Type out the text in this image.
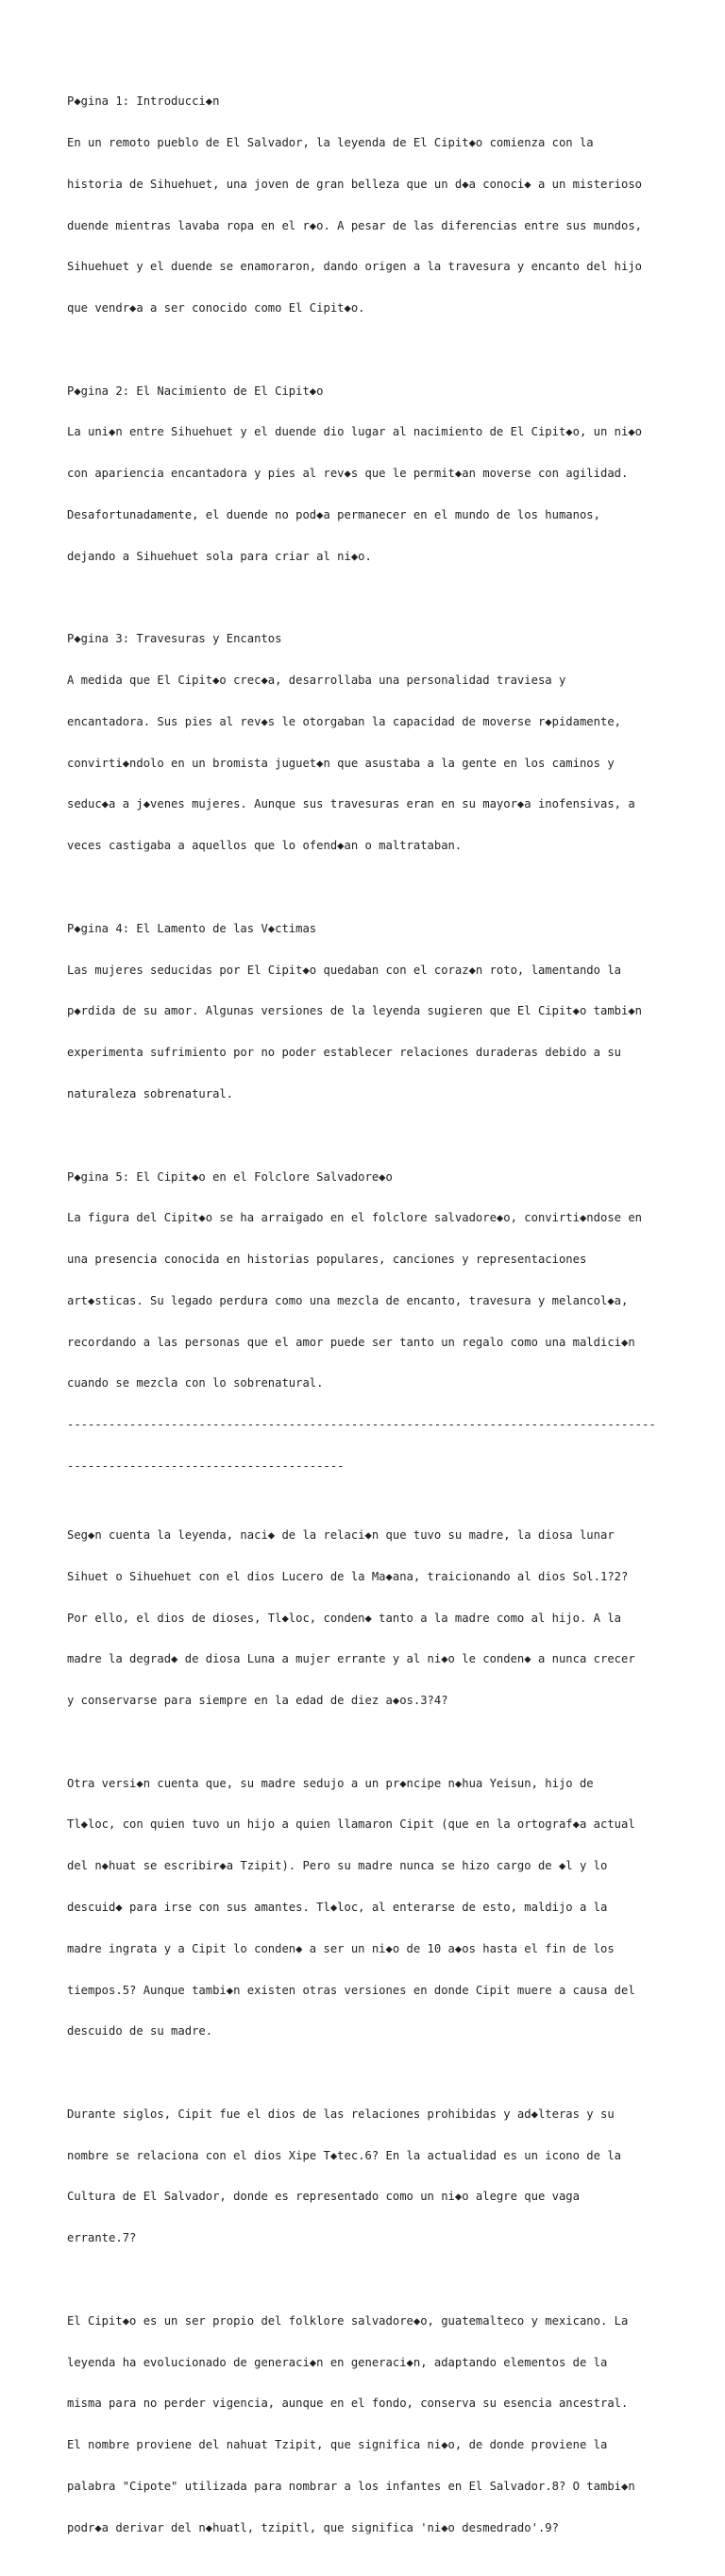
P◆gina 1: Introducci◆n

En un remoto pueblo de El Salvador, la leyenda de El Cipit◆o comienza con la

historia de Sihuehuet, una joven de gran belleza que un d◆a conoci◆ a un misterioso

duende mientras lavaba ropa en el r◆o. A pesar de las diferencias entre sus mundos,

Sihuehuet y el duende se enamoraron, dando origen a la travesura y encanto del hijo

que vendr◆a a ser conocido como El Cipit◆o.

P◆gina 2: El Nacimiento de El Cipit◆o

La uni◆n entre Sihuehuet y el duende dio lugar al nacimiento de El Cipit◆o, un ni◆o

con apariencia encantadora y pies al rev◆s que le permit◆an moverse con agilidad.

Desafortunadamente, el duende no pod◆a permanecer en el mundo de los humanos,

dejando a Sihuehuet sola para criar al ni◆o.

P◆gina 3: Travesuras y Encantos

A medida que El Cipit◆o crec◆a, desarrollaba una personalidad traviesa y

encantadora. Sus pies al rev◆s le otorgaban la capacidad de moverse r◆pidamente,

convirti◆ndolo en un bromista juguet◆n que asustaba a la gente en los caminos y

seduc◆a a j◆venes mujeres. Aunque sus travesuras eran en su mayor◆a inofensivas, a

veces castigaba a aquellos que lo ofend◆an o maltrataban.

P◆gina 4: El Lamento de las V◆ctimas

Las mujeres seducidas por El Cipit◆o quedaban con el coraz◆n roto, lamentando la

p◆rdida de su amor. Algunas versiones de la leyenda sugieren que El Cipit◆o tambi◆n

experimenta sufrimiento por no poder establecer relaciones duraderas debido a su

naturaleza sobrenatural.

P◆gina 5: El Cipit◆o en el Folclore Salvadore◆o

La figura del Cipit◆o se ha arraigado en el folclore salvadore◆o, convirti◆ndose en

una presencia conocida en historias populares, canciones y representaciones

art◆sticas. Su legado perdura como una mezcla de encanto, travesura y melancol◆a,

recordando a las personas que el amor puede ser tanto un regalo como una maldici◆n

cuando se mezcla con lo sobrenatural.

-------------------------------------------------------------------------------------

----------------------------------------

Seg◆n cuenta la leyenda, naci◆ de la relaci◆n que tuvo su madre, la diosa lunar

Sihuet o Sihuehuet con el dios Lucero de la Ma◆ana, traicionando al dios Sol.1?2?

Por ello, el dios de dioses, Tl◆loc, conden◆ tanto a la madre como al hijo. A la

madre la degrad◆ de diosa Luna a mujer errante y al ni◆o le conden◆ a nunca crecer

y conservarse para siempre en la edad de diez a◆os.3?4?

Otra versi◆n cuenta que, su madre sedujo a un pr◆ncipe n◆hua Yeisun, hijo de

Tl◆loc, con quien tuvo un hijo a quien llamaron Cipit (que en la ortograf◆a actual

del n◆huat se escribir◆a Tzipit). Pero su madre nunca se hizo cargo de ◆l y lo

descuid◆ para irse con sus amantes. Tl◆loc, al enterarse de esto, maldijo a la

madre ingrata y a Cipit lo conden◆ a ser un ni◆o de 10 a◆os hasta el fin de los

tiempos.5? Aunque tambi◆n existen otras versiones en donde Cipit muere a causa del

descuido de su madre.

Durante siglos, Cipit fue el dios de las relaciones prohibidas y ad◆lteras y su

nombre se relaciona con el dios Xipe T◆tec.6? En la actualidad es un icono de la

Cultura de El Salvador, donde es representado como un ni◆o alegre que vaga

errante.7?

El Cipit◆o es un ser propio del folklore salvadore◆o, guatemalteco y mexicano. La

leyenda ha evolucionado de generaci◆n en generaci◆n, adaptando elementos de la

misma para no perder vigencia, aunque en el fondo, conserva su esencia ancestral.

El nombre proviene del nahuat Tzipit, que significa ni◆o, de donde proviene la

palabra "Cipote" utilizada para nombrar a los infantes en El Salvador.8? O tambi◆n

podr◆a derivar del n◆huatl, tzipitl, que significa 'ni◆o desmedrado'.9?
